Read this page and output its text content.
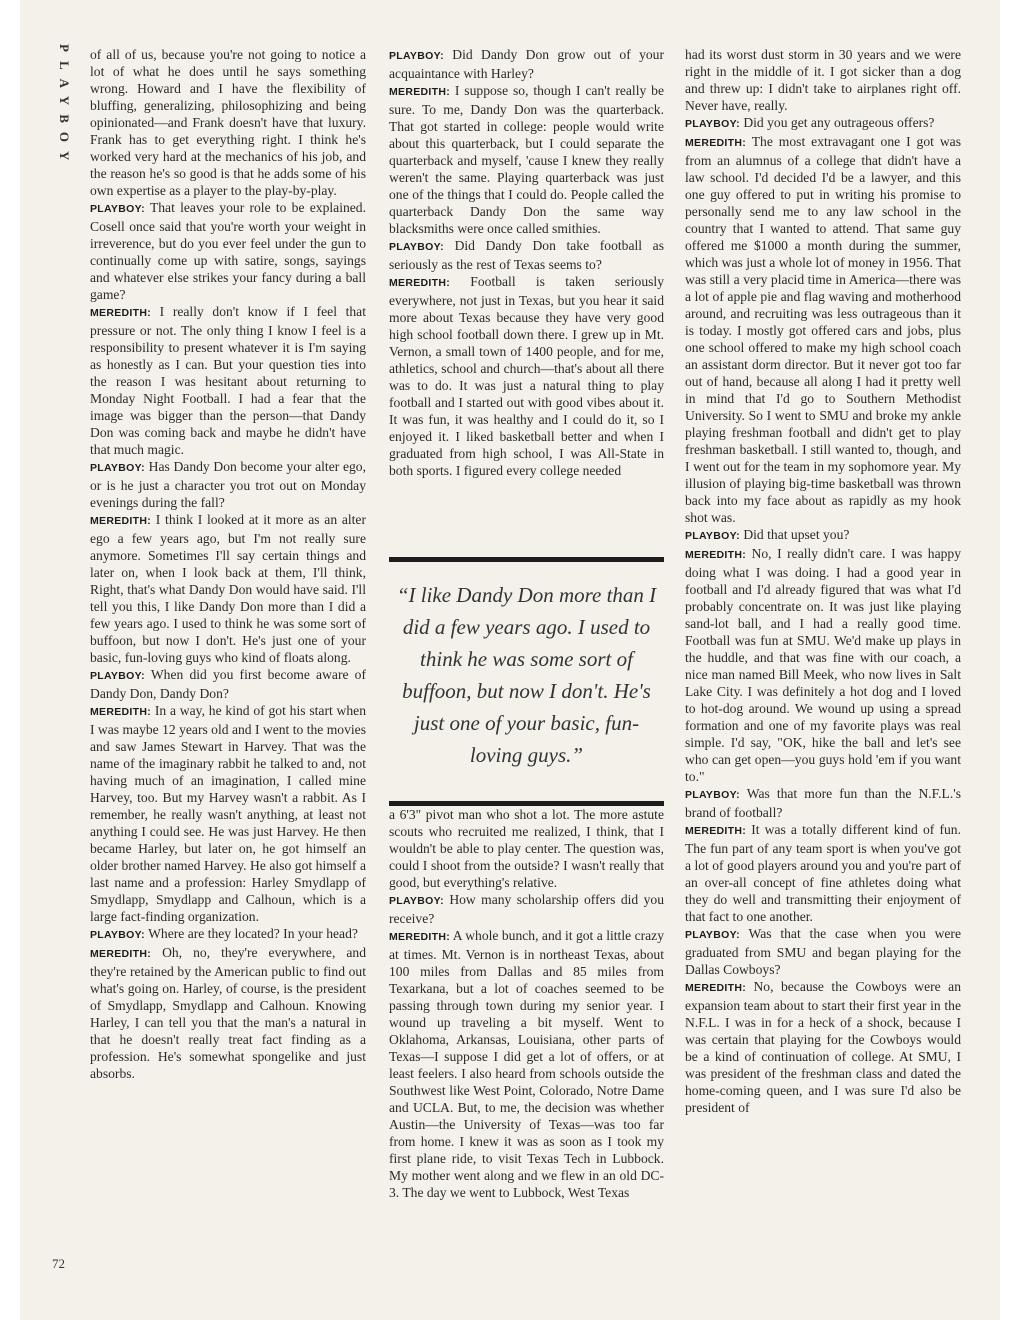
PLAYBOY of all of us, because you're not going to notice a lot of what he does until he says something wrong. Howard and I have the flexibility of bluffing, generalizing, philosophizing and being opinionated—and Frank doesn't have that luxury. Frank has to get everything right. I think he's worked very hard at the mechanics of his job, and the reason he's so good is that he adds some of his own expertise as a player to the play-by-play.

PLAYBOY: That leaves your role to be explained. Cosell once said that you're worth your weight in irreverence, but do you ever feel under the gun to continually come up with satire, songs, sayings and whatever else strikes your fancy during a ball game?

MEREDITH: I really don't know if I feel that pressure or not. The only thing I know I feel is a responsibility to present whatever it is I'm saying as honestly as I can. But your question ties into the reason I was hesitant about returning to Monday Night Football. I had a fear that the image was bigger than the person—that Dandy Don was coming back and maybe he didn't have that much magic.

PLAYBOY: Has Dandy Don become your alter ego, or is he just a character you trot out on Monday evenings during the fall?

MEREDITH: I think I looked at it more as an alter ego a few years ago, but I'm not really sure anymore. Sometimes I'll say certain things and later on, when I look back at them, I'll think, Right, that's what Dandy Don would have said. I'll tell you this, I like Dandy Don more than I did a few years ago. I used to think he was some sort of buffoon, but now I don't. He's just one of your basic, fun-loving guys who kind of floats along.

PLAYBOY: When did you first become aware of Dandy Don, Dandy Don?

MEREDITH: In a way, he kind of got his start when I was maybe 12 years old and I went to the movies and saw James Stewart in Harvey. That was the name of the imaginary rabbit he talked to and, not having much of an imagination, I called mine Harvey, too. But my Harvey wasn't a rabbit. As I remember, he really wasn't anything, at least not anything I could see. He was just Harvey. He then became Harley, but later on, he got himself an older brother named Harvey. He also got himself a last name and a profession: Harley Smydlapp of Smydlapp, Smydlapp and Calhoun, which is a large fact-finding organization.

PLAYBOY: Where are they located? In your head?

MEREDITH: Oh, no, they're everywhere, and they're retained by the American public to find out what's going on. Harley, of course, is the president of Smydlapp, Smydlapp and Calhoun. Knowing Harley, I can tell you that the man's a natural in that he doesn't really treat fact finding as a profession. He's somewhat spongelike and just absorbs.

PLAYBOY: Did Dandy Don grow out of your acquaintance with Harley?

MEREDITH: I suppose so, though I can't really be sure. To me, Dandy Don was the quarterback. That got started in college: people would write about this quarterback, but I could separate the quarterback and myself, 'cause I knew they really weren't the same. Playing quarterback was just one of the things that I could do. People called the quarterback Dandy Don the same way blacksmiths were once called smithies.

PLAYBOY: Did Dandy Don take football as seriously as the rest of Texas seems to?

MEREDITH: Football is taken seriously everywhere, not just in Texas, but you hear it said more about Texas because they have very good high school football down there. I grew up in Mt. Vernon, a small town of 1400 people, and for me, athletics, school and church—that's about all there was to do. It was just a natural thing to play football and I started out with good vibes about it. It was fun, it was healthy and I could do it, so I enjoyed it. I liked basketball better and when I graduated from high school, I was All-State in both sports. I figured every college needed

“I like Dandy Don more than I did a few years ago. I used to think he was some sort of buffoon, but now I don't. He's just one of your basic, fun-loving guys.”

a 6'3" pivot man who shot a lot. The more astute scouts who recruited me realized, I think, that I wouldn't be able to play center. The question was, could I shoot from the outside? I wasn't really that good, but everything's relative.

PLAYBOY: How many scholarship offers did you receive?

MEREDITH: A whole bunch, and it got a little crazy at times. Mt. Vernon is in northeast Texas, about 100 miles from Dallas and 85 miles from Texarkana, but a lot of coaches seemed to be passing through town during my senior year. I wound up traveling a bit myself. Went to Oklahoma, Arkansas, Louisiana, other parts of Texas—I suppose I did get a lot of offers, or at least feelers. I also heard from schools outside the Southwest like West Point, Colorado, Notre Dame and UCLA. But, to me, the decision was whether Austin—the University of Texas—was too far from home. I knew it was as soon as I took my first plane ride, to visit Texas Tech in Lubbock. My mother went along and we flew in an old DC-3. The day we went to Lubbock, West Texas

had its worst dust storm in 30 years and we were right in the middle of it. I got sicker than a dog and threw up: I didn't take to airplanes right off. Never have, really.

PLAYBOY: Did you get any outrageous offers?

MEREDITH: The most extravagant one I got was from an alumnus of a college that didn't have a law school. I'd decided I'd be a lawyer, and this one guy offered to put in writing his promise to personally send me to any law school in the country that I wanted to attend. That same guy offered me $1000 a month during the summer, which was just a whole lot of money in 1956. That was still a very placid time in America—there was a lot of apple pie and flag waving and motherhood around, and recruiting was less outrageous than it is today. I mostly got offered cars and jobs, plus one school offered to make my high school coach an assistant dorm director. But it never got too far out of hand, because all along I had it pretty well in mind that I'd go to Southern Methodist University. So I went to SMU and broke my ankle playing freshman football and didn't get to play freshman basketball. I still wanted to, though, and I went out for the team in my sophomore year. My illusion of playing big-time basketball was thrown back into my face about as rapidly as my hook shot was.

PLAYBOY: Did that upset you?

MEREDITH: No, I really didn't care. I was happy doing what I was doing. I had a good year in football and I'd already figured that was what I'd probably concentrate on. It was just like playing sand-lot ball, and I had a really good time. Football was fun at SMU. We'd make up plays in the huddle, and that was fine with our coach, a nice man named Bill Meek, who now lives in Salt Lake City. I was definitely a hot dog and I loved to hot-dog around. We wound up using a spread formation and one of my favorite plays was real simple. I'd say, "OK, hike the ball and let's see who can get open—you guys hold 'em if you want to."

PLAYBOY: Was that more fun than the N.F.L.'s brand of football?

MEREDITH: It was a totally different kind of fun. The fun part of any team sport is when you've got a lot of good players around you and you're part of an over-all concept of fine athletes doing what they do well and transmitting their enjoyment of that fact to one another.

PLAYBOY: Was that the case when you were graduated from SMU and began playing for the Dallas Cowboys?

MEREDITH: No, because the Cowboys were an expansion team about to start their first year in the N.F.L. I was in for a heck of a shock, because I was certain that playing for the Cowboys would be a kind of continuation of college. At SMU, I was president of the freshman class and dated the home-coming queen, and I was sure I'd also be president of

72
